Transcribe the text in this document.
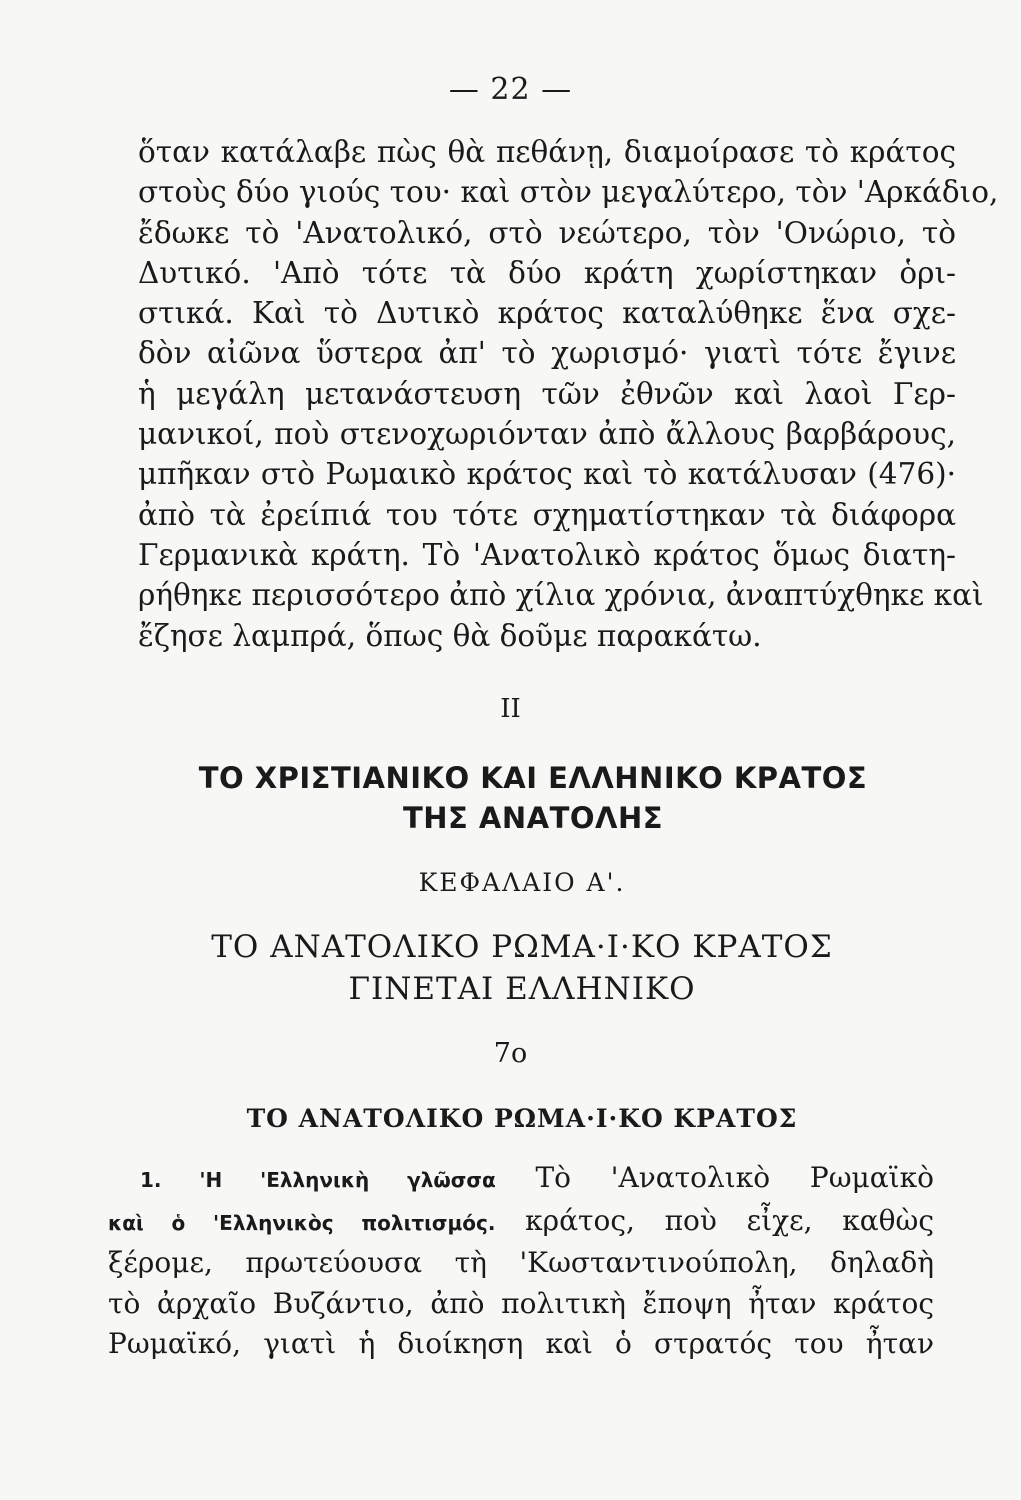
— 22 —
ὅταν κατάλαβε πὼς θὰ πεθάνῃ, διαμοίρασε τὸ κράτος
στοὺς δύο γιούς του· καὶ στὸν μεγαλύτερο, τὸν 'Αρκάδιο,
ἔδωκε τὸ 'Ανατολικό, στὸ νεώτερο, τὸν 'Ονώριο, τὸ
Δυτικό. 'Απὸ τότε τὰ δύο κράτη χωρίστηκαν ὁρι-
στικά. Καὶ τὸ Δυτικὸ κράτος καταλύθηκε ἕνα σχε-
δὸν αἰῶνα ὕστερα ἀπ' τὸ χωρισμό· γιατὶ τότε ἔγινε
ἡ μεγάλη μετανάστευση τῶν ἐθνῶν καὶ λαοὶ Γερ-
μανικοί, ποὺ στενοχωριόνταν ἀπὸ ἄλλους βαρβάρους,
μπῆκαν στὸ Ρωμαικὸ κράτος καὶ τὸ κατάλυσαν (476)·
ἀπὸ τὰ ἐρείπιά του τότε σχηματίστηκαν τὰ διάφορα
Γερμανικὰ κράτη. Τὸ 'Ανατολικὸ κράτος ὅμως διατη-
ρήθηκε περισσότερο ἀπὸ χίλια χρόνια, ἀναπτύχθηκε καὶ
ἔζησε λαμπρά, ὅπως θὰ δοῦμε παρακάτω.
II
ΤΟ ΧΡΙΣΤΙΑΝΙΚΟ ΚΑΙ ΕΛΛΗΝΙΚΟ ΚΡΑΤΟΣ
ΤΗΣ ΑΝΑΤΟΛΗΣ
ΚΕΦΑΛΑΙΟ Α'.
ΤΟ ΑΝΑΤΟΛΙΚΟ ΡΩΜΑ·Ι·ΚΟ ΚΡΑΤΟΣ
ΓΙΝΕΤΑΙ ΕΛΛΗΝΙΚΟ
7ο
ΤΟ ΑΝΑΤΟΛΙΚΟ ΡΩΜΑ·Ι·ΚΟ ΚΡΑΤΟΣ
1. 'Η 'Ελληνικὴ γλῶσσα Τὸ 'Ανατολικὸ Ρωμαϊκὸ
καὶ ὁ 'Ελληνικὸς πολιτισμός. κράτος, ποὺ εἶχε, καθὼς
ξέρομε, πρωτεύουσα τὴ 'Κωσταντινούπολη, δηλαδὴ
τὸ ἀρχαῖο Βυζάντιο, ἀπὸ πολιτικὴ ἔποψη ἦταν κράτος
Ρωμαϊκό, γιατὶ ἡ διοίκηση καὶ ὁ στρατός του ἦταν
